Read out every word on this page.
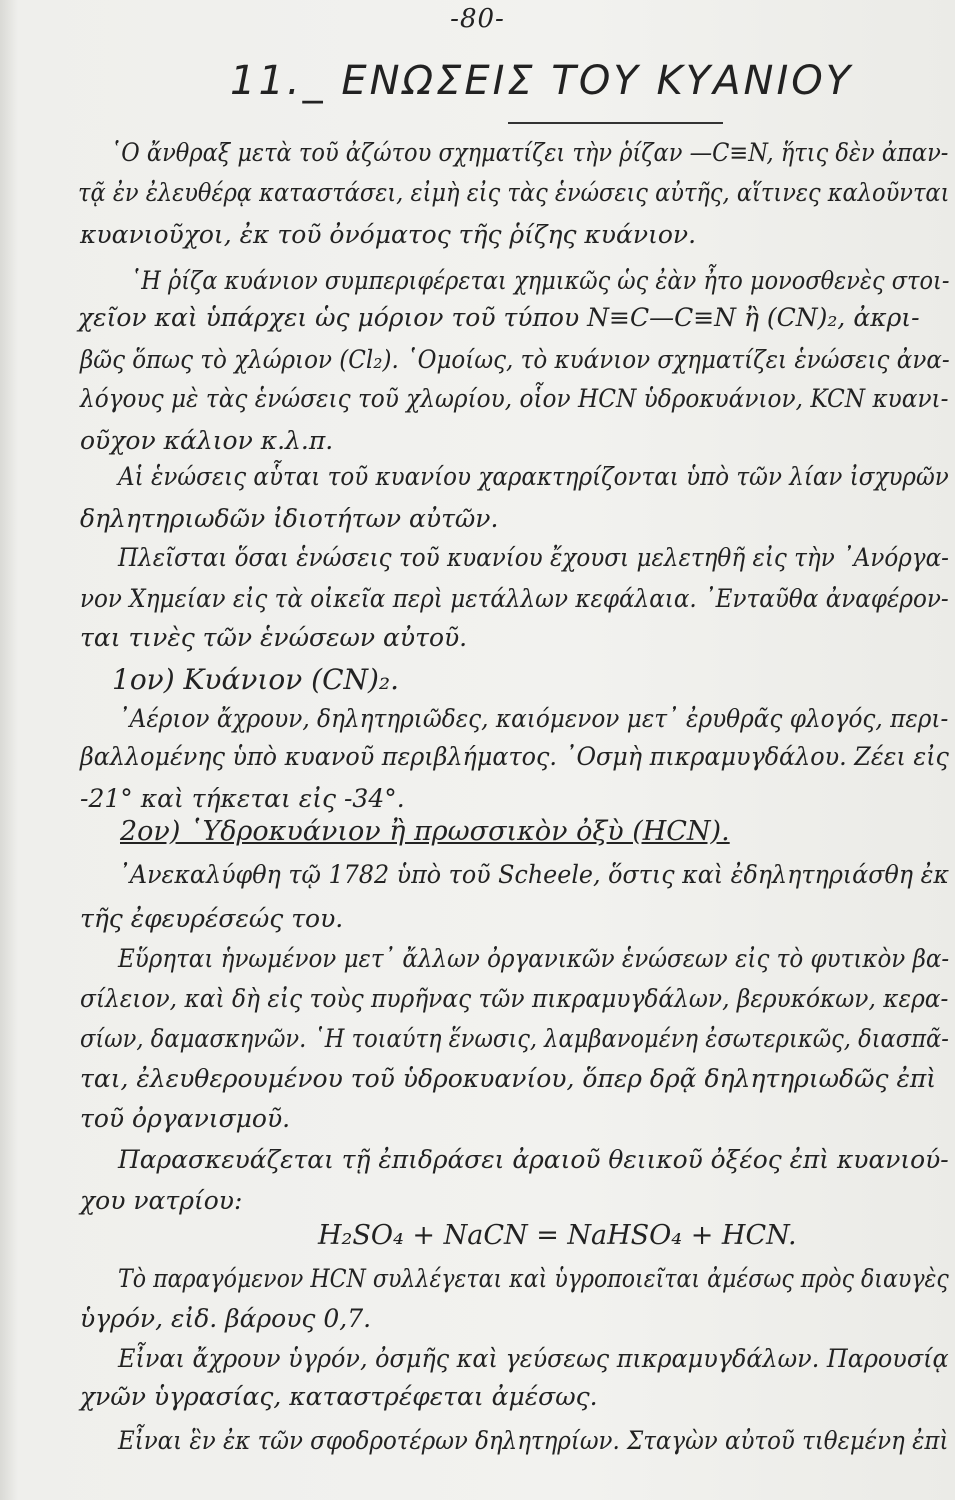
-80-
11._ ΕΝΩΣΕΙΣ ΤΟΥ ΚΥΑΝΙΟΥ
῾Ο ἄνθραξ μετὰ τοῦ ἀζώτου σχηματίζει τὴν ῥίζαν —C≡N, ἥτις δὲν ἀπαν-
τᾷ ἐν ἐλευθέρᾳ καταστάσει, εἰμὴ εἰς τὰς ἑνώσεις αὐτῆς, αἵτινες καλοῦνται
κυανιοῦχοι, ἐκ τοῦ ὀνόματος τῆς ῥίζης κυάνιον.
῾Η ῥίζα κυάνιον συμπεριφέρεται χημικῶς ὡς ἐὰν ἦτο μονοσθενὲς στοι-
χεῖον καὶ ὑπάρχει ὡς μόριον τοῦ τύπου N≡C—C≡N ἢ (CN)₂, ἀκρι-
βῶς ὅπως τὸ χλώριον (Cl₂). ῾Ομοίως, τὸ κυάνιον σχηματίζει ἑνώσεις ἀνα-
λόγους μὲ τὰς ἑνώσεις τοῦ χλωρίου, οἷον HCN ὑδροκυάνιον, KCN κυανι-
οῦχον κάλιον κ.λ.π.
Αἱ ἑνώσεις αὗται τοῦ κυανίου χαρακτηρίζονται ὑπὸ τῶν λίαν ἰσχυρῶν
δηλητηριωδῶν ἰδιοτήτων αὐτῶν.
Πλεῖσται ὅσαι ἑνώσεις τοῦ κυανίου ἔχουσι μελετηθῆ εἰς τὴν ᾿Ανόργα-
νον Χημείαν εἰς τὰ οἰκεῖα περὶ μετάλλων κεφάλαια. ᾿Ενταῦθα ἀναφέρον-
ται τινὲς τῶν ἑνώσεων αὐτοῦ.
1ον) Κυάνιον (CN)₂.
᾿Αέριον ἄχρουν, δηλητηριῶδες, καιόμενον μετ᾿ ἐρυθρᾶς φλογός, περι-
βαλλομένης ὑπὸ κυανοῦ περιβλήματος. ᾿Οσμὴ πικραμυγδάλου. Ζέει εἰς
-21° καὶ τήκεται εἰς -34°.
2ον) ῾Υδροκυάνιον ἢ πρωσσικὸν ὀξὺ (HCN).
᾿Ανεκαλύφθη τῷ 1782 ὑπὸ τοῦ Scheele, ὅστις καὶ ἐδηλητηριάσθη ἐκ
τῆς ἐφευρέσεώς του.
Εὕρηται ἡνωμένον μετ᾿ ἄλλων ὀργανικῶν ἑνώσεων εἰς τὸ φυτικὸν βα-
σίλειον, καὶ δὴ εἰς τοὺς πυρῆνας τῶν πικραμυγδάλων, βερυκόκων, κερα-
σίων, δαμασκηνῶν. ῾Η τοιαύτη ἕνωσις, λαμβανομένη ἐσωτερικῶς, διασπᾶ-
ται, ἐλευθερουμένου τοῦ ὑδροκυανίου, ὅπερ δρᾷ δηλητηριωδῶς ἐπὶ
τοῦ ὀργανισμοῦ.
Παρασκευάζεται τῇ ἐπιδράσει ἀραιοῦ θειικοῦ ὀξέος ἐπὶ κυανιού-
χου νατρίου:
H₂SO₄ + NaCN = NaHSO₄ + HCN.
Τὸ παραγόμενον HCN συλλέγεται καὶ ὑγροποιεῖται ἀμέσως πρὸς διαυγὲς
ὑγρόν, εἰδ. βάρους 0,7.
Εἶναι ἄχρουν ὑγρόν, ὀσμῆς καὶ γεύσεως πικραμυγδάλων. Παρουσίᾳ
χνῶν ὑγρασίας, καταστρέφεται ἀμέσως.
Εἶναι ἓν ἐκ τῶν σφοδροτέρων δηλητηρίων. Σταγὼν αὐτοῦ τιθεμένη ἐπὶ
